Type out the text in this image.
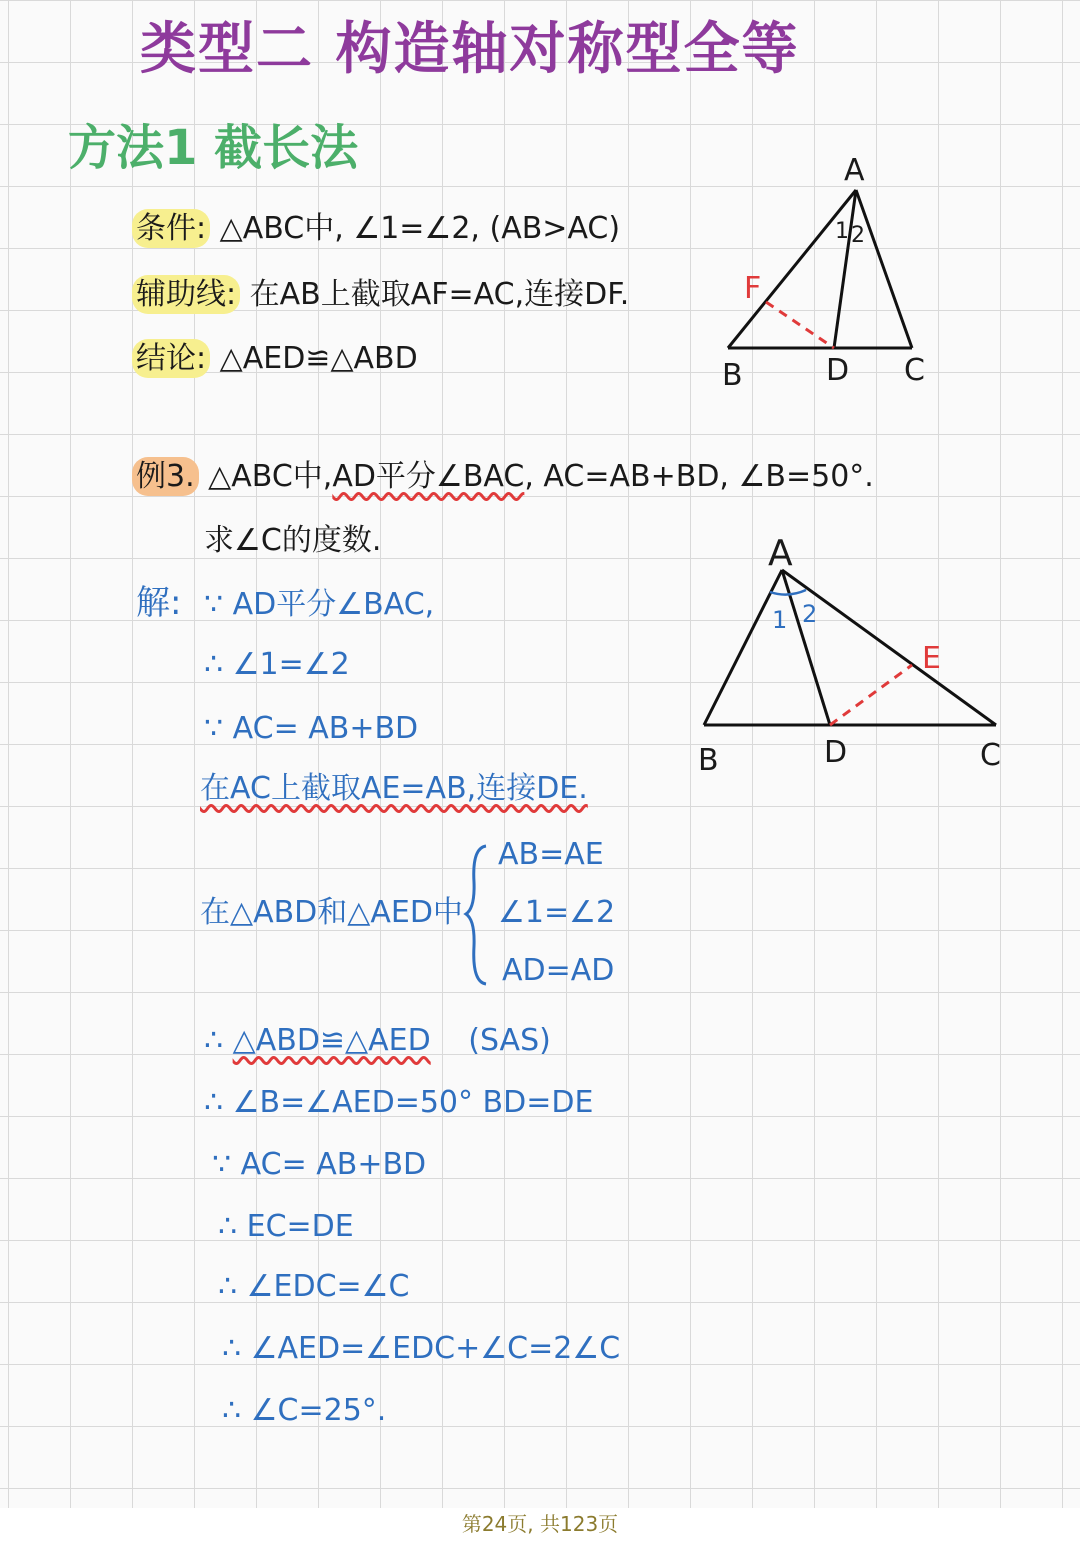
类型二 构造轴对称型全等
方法1 截长法
条件: △ABC中, ∠1=∠2, (AB>AC)
辅助线: 在AB上截取AF=AC,连接DF.
结论: △AED≌△ABD
A
B	C
D
F
1 2
例3. △ABC中,AD平分∠BAC, AC=AB+BD, ∠B=50°.
求∠C的度数.	A
B	D	C
E
1 2
解: ∵ AD平分∠BAC,
∴ ∠1=∠2
∵ AC= AB+BD
在AC上截取AE=AB,连接DE.
在△ABD和△AED中
AB=AE
∠1=∠2
AD=AD
∴ △ABD≌△AED (SAS)
∴ ∠B=∠AED=50° BD=DE
∵ AC= AB+BD
∴ EC=DE
∴ ∠EDC=∠C
∴ ∠AED=∠EDC+∠C=2∠C
∴ ∠C=25°.
第24页, 共123页
